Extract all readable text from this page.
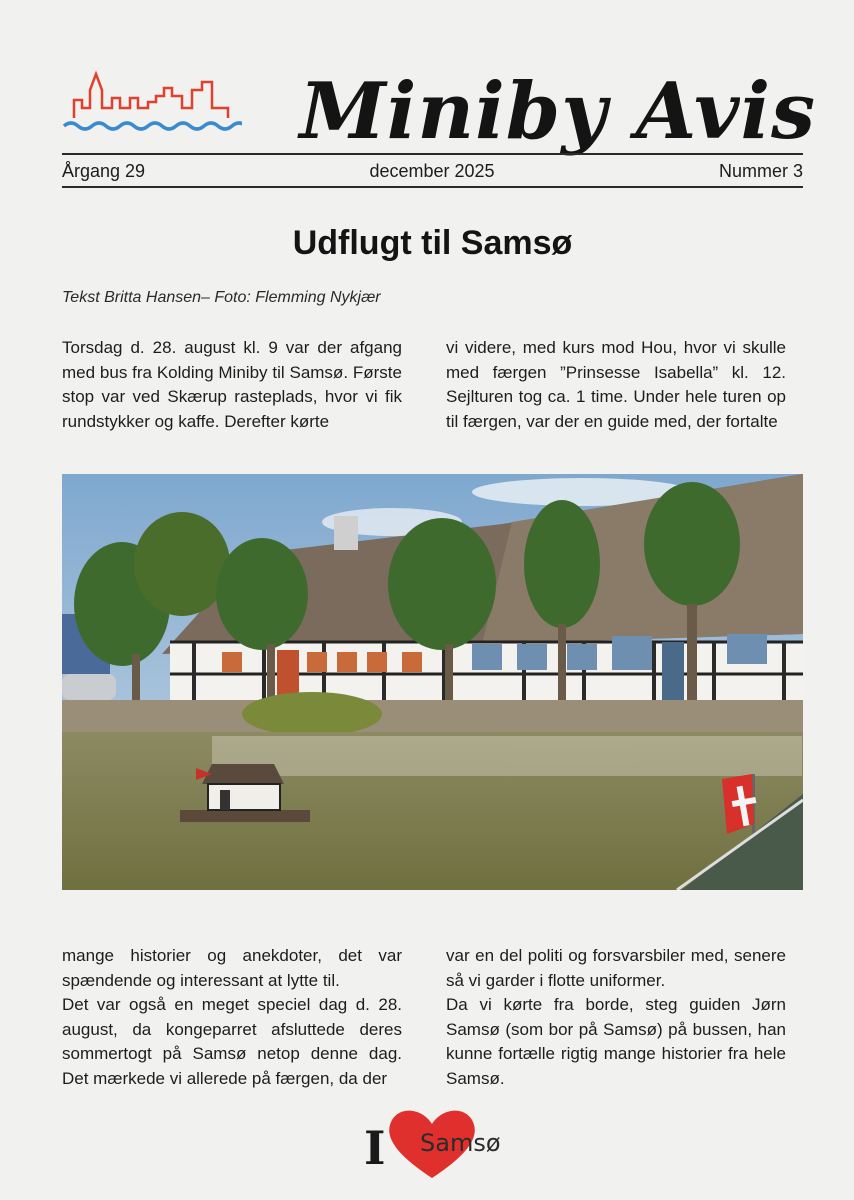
Miniby Avis
Årgang 29	december 2025	Nummer 3
Udflugt til Samsø
Tekst Britta Hansen– Foto: Flemming Nykjær

Torsdag d. 28. august kl. 9 var der afgang med bus fra Kolding Miniby til Samsø. Første stop var ved Skærup rasteplads, hvor vi fik rundstykker og kaffe. Derefter kørte

vi videre, med kurs mod Hou, hvor vi skulle med færgen ”Prinsesse Isabella” kl. 12. Sejlturen tog ca. 1 time. Under hele turen op til færgen, var der en guide med, der fortalte

mange historier og anekdoter, det var spændende og interessant at lytte til.

Det var også en meget speciel dag d. 28. august, da kongeparret afsluttede deres sommertogt på Samsø netop denne dag. Det mærkede vi allerede på færgen, da der

var en del politi og forsvarsbiler med, senere så vi garder i flotte uniformer.

Da vi kørte fra borde, steg guiden Jørn Samsø (som bor på Samsø) på bussen, han kunne fortælle rigtig mange historier fra hele Samsø.

I Samsø
